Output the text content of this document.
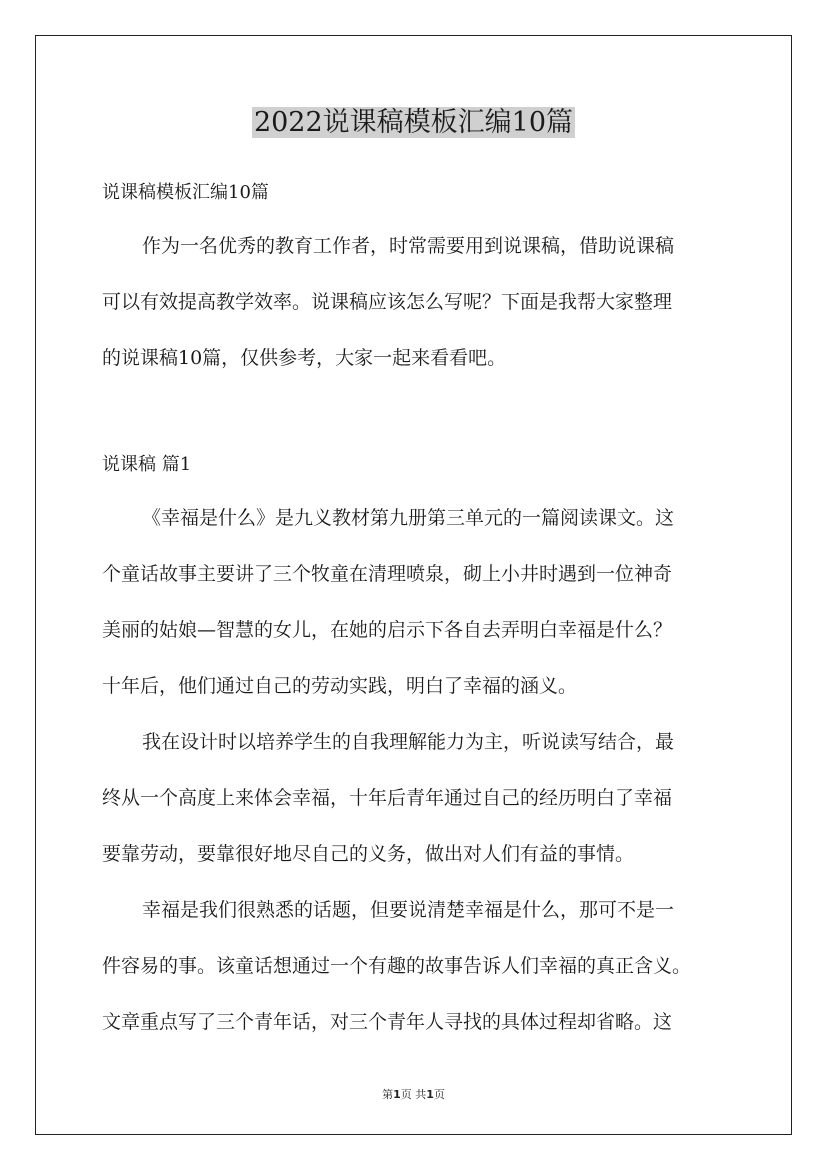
2022说课稿模板汇编10篇

说课稿模板汇编10篇

作为一名优秀的教育工作者，时常需要用到说课稿，借助说课稿
可以有效提高教学效率。说课稿应该怎么写呢？下面是我帮大家整理
的说课稿10篇，仅供参考，大家一起来看看吧。

说课稿 篇1

《幸福是什么》是九义教材第九册第三单元的一篇阅读课文。这
个童话故事主要讲了三个牧童在清理喷泉，砌上小井时遇到一位神奇
美丽的姑娘—智慧的女儿，在她的启示下各自去弄明白幸福是什么？
十年后，他们通过自己的劳动实践，明白了幸福的涵义。
我在设计时以培养学生的自我理解能力为主，听说读写结合，最
终从一个高度上来体会幸福，十年后青年通过自己的经历明白了幸福
要靠劳动，要靠很好地尽自己的义务，做出对人们有益的事情。
幸福是我们很熟悉的话题，但要说清楚幸福是什么，那可不是一
件容易的事。该童话想通过一个有趣的故事告诉人们幸福的真正含义。
文章重点写了三个青年话，对三个青年人寻找的具体过程却省略。这
第1页 共1页
